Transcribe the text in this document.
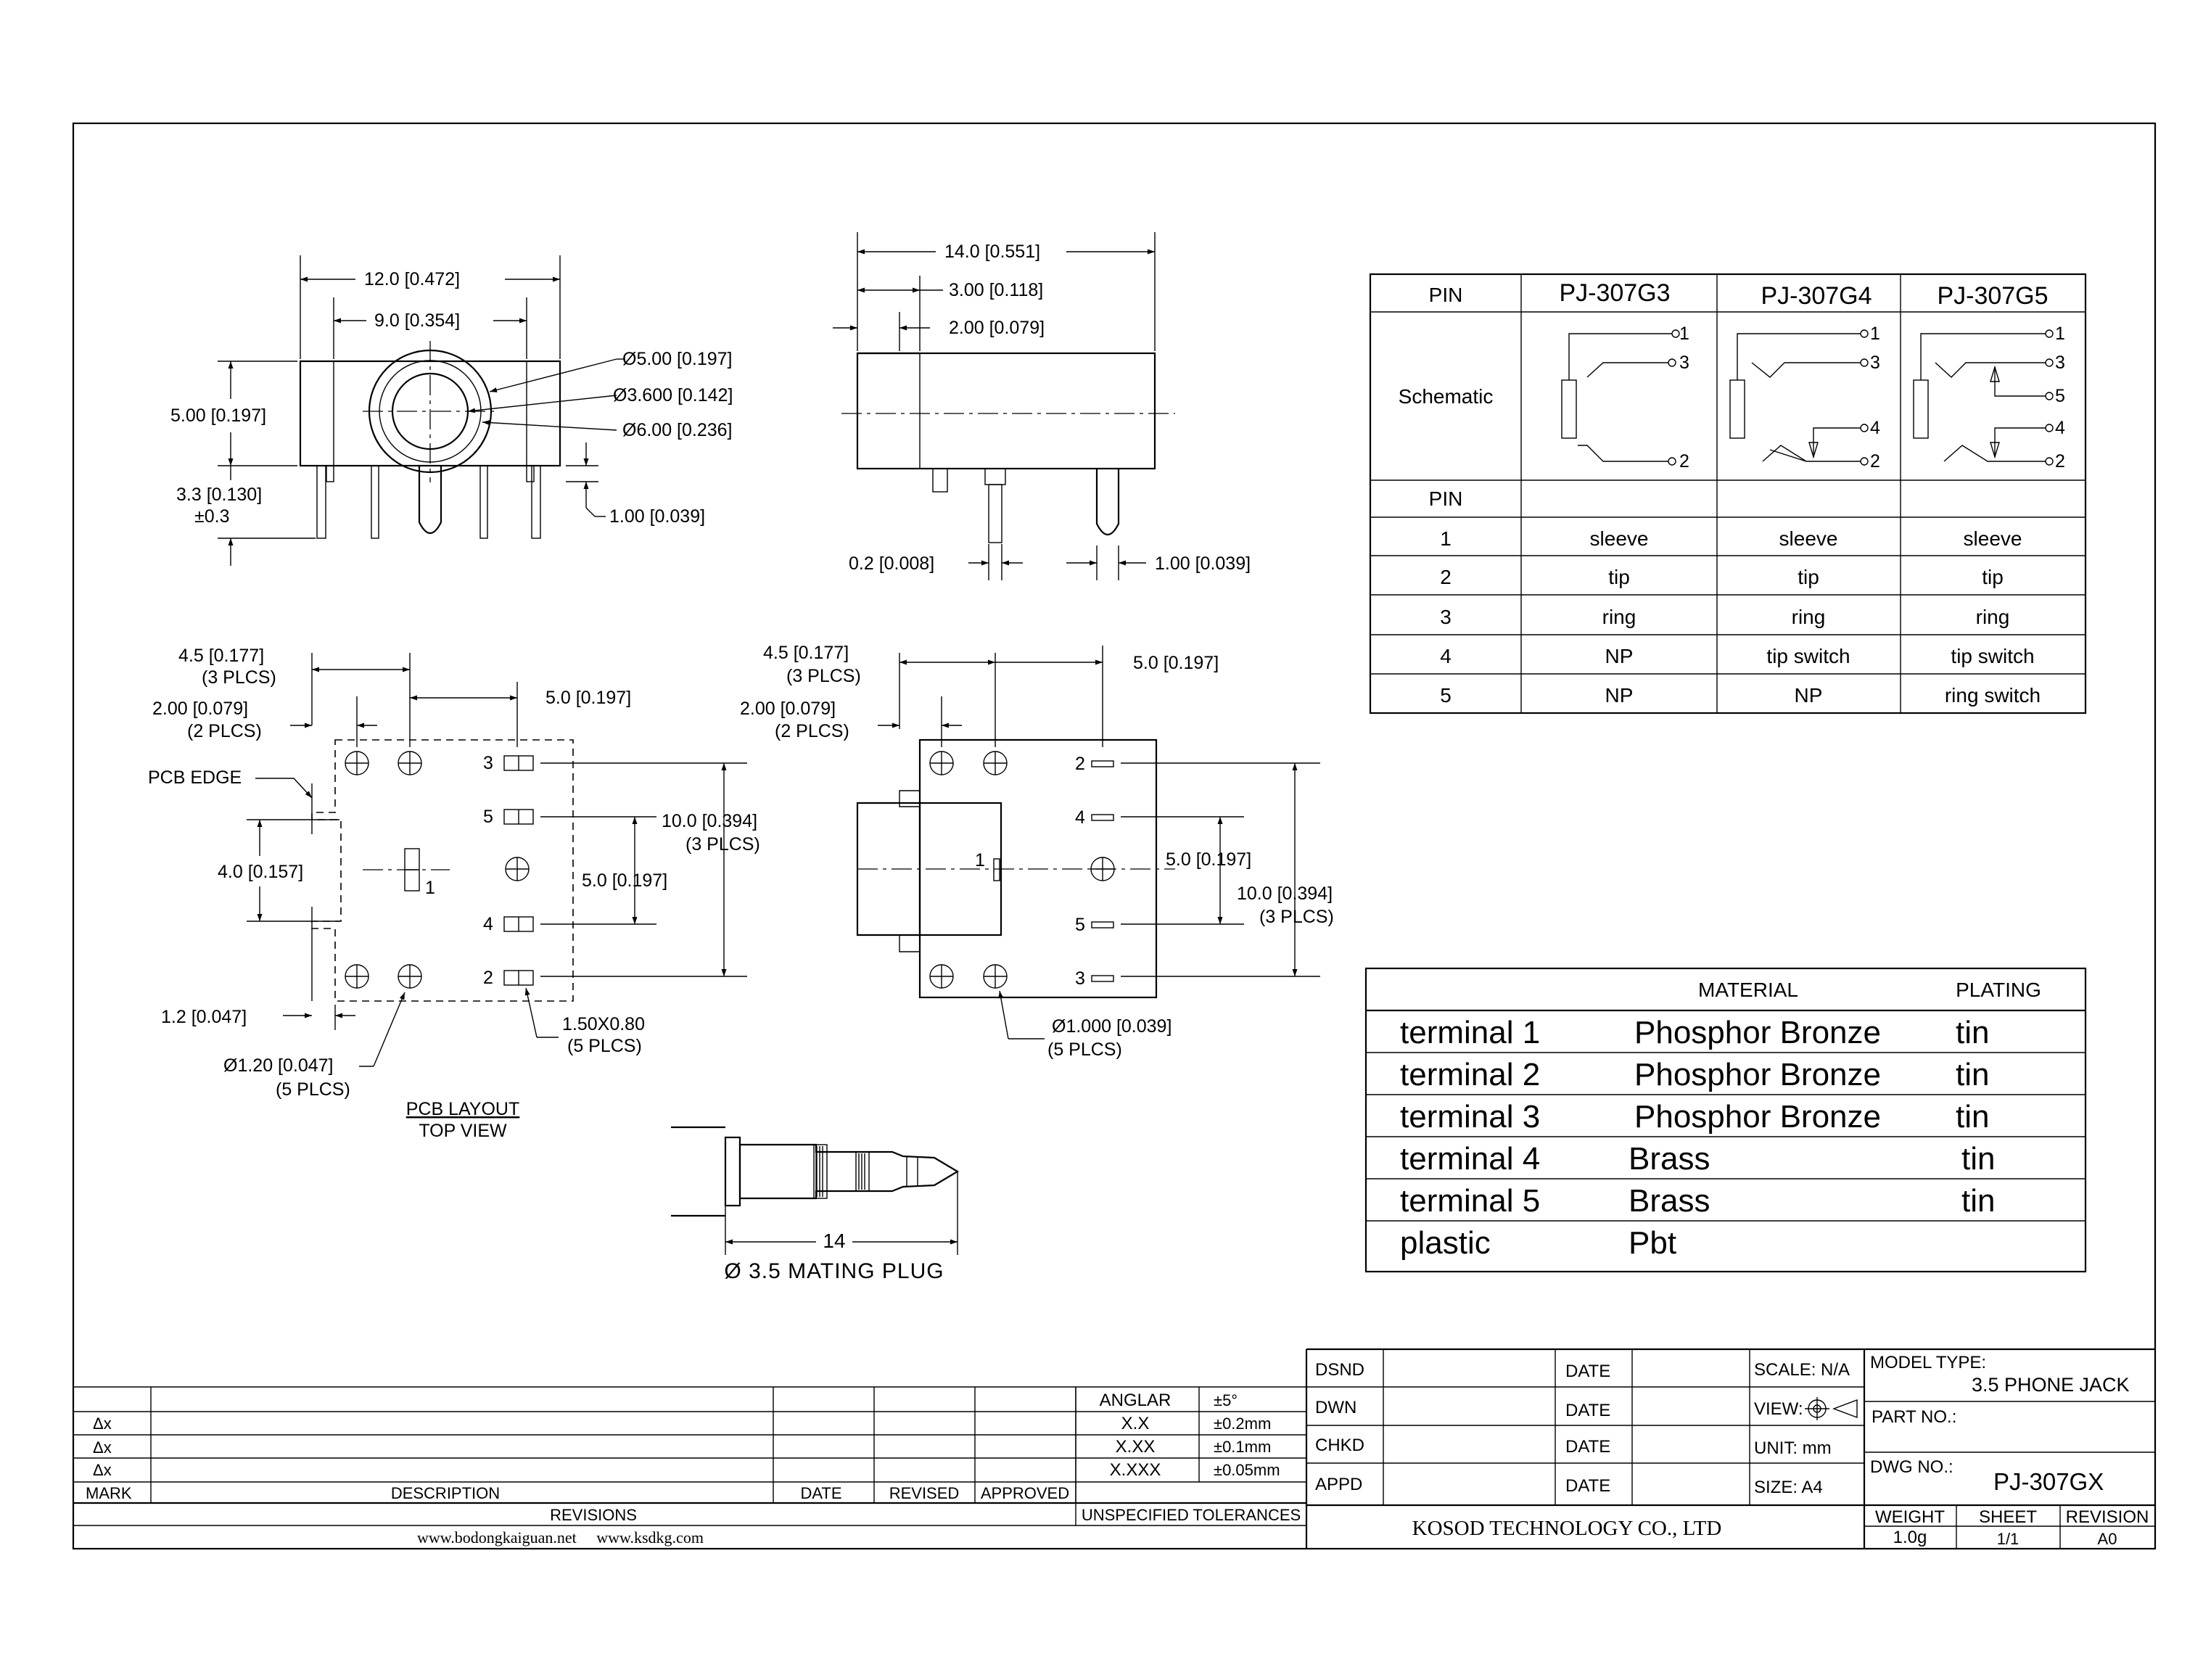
12.0 [0.472]
9.0 [0.354]
5.00 [0.197]
3.3 [0.130]
±0.3
Ø5.00 [0.197]
Ø3.600 [0.142]
Ø6.00 [0.236]
1.00 [0.039]
14.0 [0.551]
3.00 [0.118]
2.00 [0.079]
0.2 [0.008]	1.00 [0.039]
PIN	PJ-307G3	PJ-307G4	PJ-307G5
Schematic
PIN
1	sleeve	sleeve	sleeve
2	tip	tip	tip
3	ring	ring	ring
4	NP	tip switch	tip switch
5	NP	NP	ring switch
1
3
2
1
3
4
2
1
3
5
4
2
3
5
1
4
2
4.5 [0.177]
(3 PLCS)
2.00 [0.079]
(2 PLCS)
5.0 [0.197]
PCB EDGE
10.0 [0.394]
(3 PLCS)
5.0 [0.197]
4.0 [0.157]
1.2 [0.047]
Ø1.20 [0.047]
(5 PLCS)
1.50X0.80
(5 PLCS)
PCB LAYOUT
TOP VIEW
2
4
1
5
3
4.5 [0.177]
(3 PLCS)
5.0 [0.197]
2.00 [0.079]
(2 PLCS)
10.0 [0.394]
(3 PLCS)
5.0 [0.197]
Ø1.000 [0.039]
(5 PLCS)
14
Ø 3.5 MATING PLUG
MATERIAL	PLATING
terminal 1	Phosphor Bronze tin
terminal 2	Phosphor Bronze tin
terminal 3	Phosphor Bronze tin
terminal 4	Brass	tin
terminal 5	Brass	tin
plastic	Pbt
Δx
Δx
Δx
MARK	DESCRIPTION	DATE	REVISED APPROVED
REVISIONS
www.bodongkaiguan.net     www.ksdkg.com
ANGLAR	±5°
X.X	±0.2mm
X.XX	±0.1mm
X.XXX	±0.05mm
UNSPECIFIED TOLERANCES
DSND
DWN
CHKD
APPD
DATE
DATE
DATE
DATE
SCALE: N/A
VIEW:
UNIT: mm
SIZE: A4
MODEL TYPE:
3.5 PHONE JACK
PART NO.:
DWG NO.:
PJ-307GX
WEIGHT SHEET REVISION
1.0g	1/1	A0
KOSOD TECHNOLOGY CO., LTD
